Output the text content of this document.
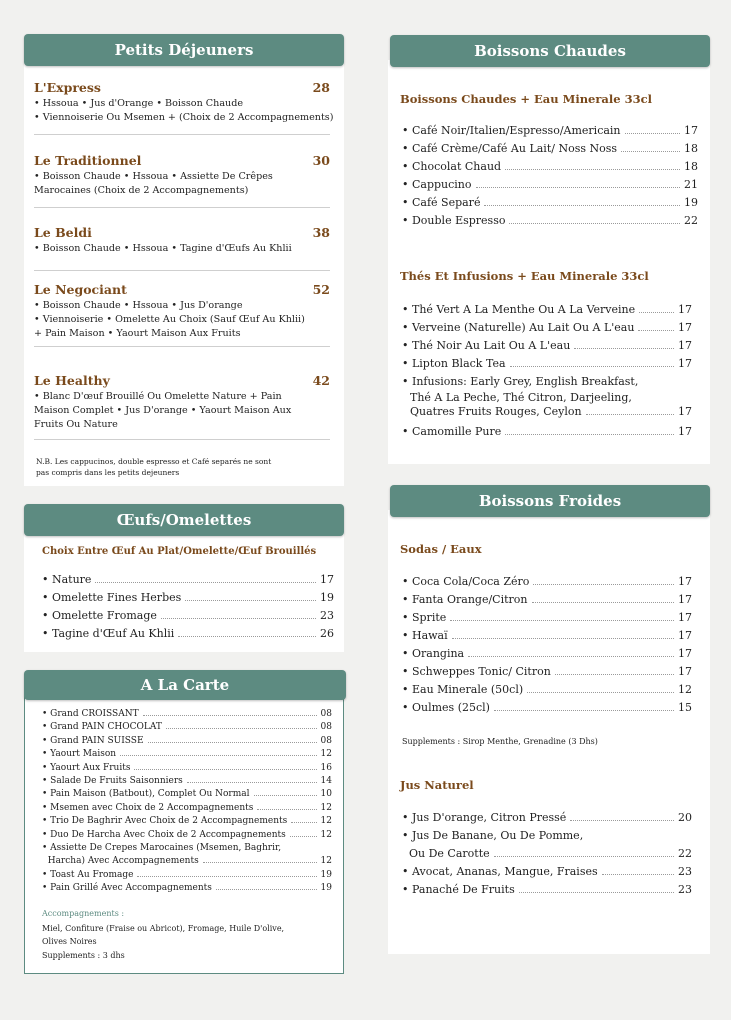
Petits Déjeuners
L'Express	28
• Hssoua • Jus d'Orange • Boisson Chaude
• Viennoiserie Ou Msemen + (Choix de 2 Accompagnements)
Le Traditionnel	30
• Boisson Chaude • Hssoua • Assiette De Crêpes
Marocaines (Choix de 2 Accompagnements)
Le Beldi	38
• Boisson Chaude • Hssoua • Tagine d'Œufs Au Khlii
Le Negociant	52
• Boisson Chaude • Hssoua • Jus D'orange
• Viennoiserie • Omelette Au Choix (Sauf Œuf Au Khlii)
+ Pain Maison • Yaourt Maison Aux Fruits
Le Healthy	42
• Blanc D'œuf Brouillé Ou Omelette Nature + Pain
Maison Complet • Jus D'orange • Yaourt Maison Aux
Fruits Ou Nature
N.B. Les cappucinos, double espresso et Café separés ne sont
pas compris dans les petits dejeuners
Œufs/Omelettes
Choix Entre Œuf Au Plat/Omelette/Œuf Brouillés
• Nature	17
• Omelette Fines Herbes	19
• Omelette Fromage	23
• Tagine d'Œuf Au Khlii	26
A La Carte
• Grand CROISSANT	08
• Grand PAIN CHOCOLAT	08
• Grand PAIN SUISSE	08
• Yaourt Maison	12
• Yaourt Aux Fruits	16
• Salade De Fruits Saisonniers	14
• Pain Maison (Batbout), Complet Ou Normal	10
• Msemen avec Choix de 2 Accompagnements	12
• Trio De Baghrir Avec Choix de 2 Accompagnements	12
• Duo De Harcha Avec Choix de 2 Accompagnements	12
• Assiette De Crepes Marocaines (Msemen, Baghrir,
Harcha) Avec Accompagnements	12
• Toast Au Fromage	19
• Pain Grillé Avec Accompagnements	19
Accompagnements :
Miel, Confiture (Fraise ou Abricot), Fromage, Huile D'olive,
Olives Noires
Supplements : 3 dhs
Boissons Chaudes
Boissons Chaudes + Eau Minerale 33cl
• Café Noir/Italien/Espresso/Americain	17
• Café Crème/Café Au Lait/ Noss Noss	18
• Chocolat Chaud	18
• Cappucino	21
• Café Separé	19
• Double Espresso	22
Thés Et Infusions + Eau Minerale 33cl
• Thé Vert A La Menthe Ou A La Verveine	17
• Verveine (Naturelle) Au Lait Ou A L'eau	17
• Thé Noir Au Lait Ou A L'eau	17
• Lipton Black Tea	17
• Infusions: Early Grey, English Breakfast,
Thé A La Peche, Thé Citron, Darjeeling,
Quatres Fruits Rouges, Ceylon	17
• Camomille Pure	17
Boissons Froides
Sodas / Eaux
• Coca Cola/Coca Zéro	17
• Fanta Orange/Citron	17
• Sprite	17
• Hawaï	17
• Orangina	17
• Schweppes Tonic/ Citron	17
• Eau Minerale (50cl)	12
• Oulmes (25cl)	15
Supplements : Sirop Menthe, Grenadine (3 Dhs)
Jus Naturel
• Jus D'orange, Citron Pressé	20
• Jus De Banane, Ou De Pomme,
Ou De Carotte	22
• Avocat, Ananas, Mangue, Fraises	23
• Panaché De Fruits	23
